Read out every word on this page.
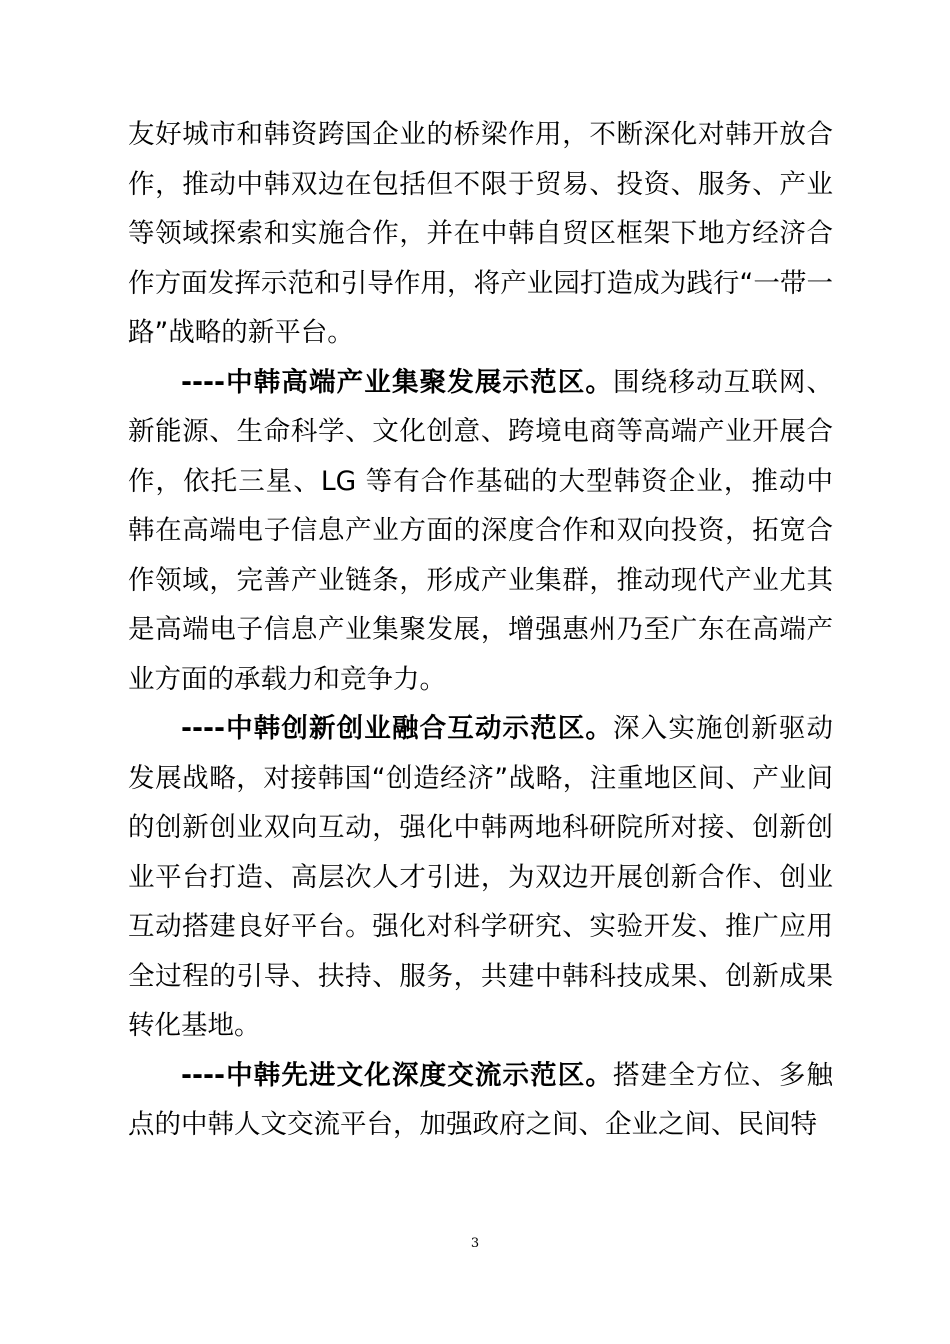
友好城市和韩资跨国企业的桥梁作用，不断深化对韩开放合作，推动中韩双边在包括但不限于贸易、投资、服务、产业等领域探索和实施合作，并在中韩自贸区框架下地方经济合作方面发挥示范和引导作用，将产业园打造成为践行“一带一路”战略的新平台。

----中韩高端产业集聚发展示范区。围绕移动互联网、新能源、生命科学、文化创意、跨境电商等高端产业开展合作，依托三星、LG 等有合作基础的大型韩资企业，推动中韩在高端电子信息产业方面的深度合作和双向投资，拓宽合作领域，完善产业链条，形成产业集群，推动现代产业尤其是高端电子信息产业集聚发展，增强惠州乃至广东在高端产业方面的承载力和竞争力。

----中韩创新创业融合互动示范区。深入实施创新驱动发展战略，对接韩国“创造经济”战略，注重地区间、产业间的创新创业双向互动，强化中韩两地科研院所对接、创新创业平台打造、高层次人才引进，为双边开展创新合作、创业互动搭建良好平台。强化对科学研究、实验开发、推广应用全过程的引导、扶持、服务，共建中韩科技成果、创新成果转化基地。

----中韩先进文化深度交流示范区。搭建全方位、多触点的中韩人文交流平台，加强政府之间、企业之间、民间特

3
